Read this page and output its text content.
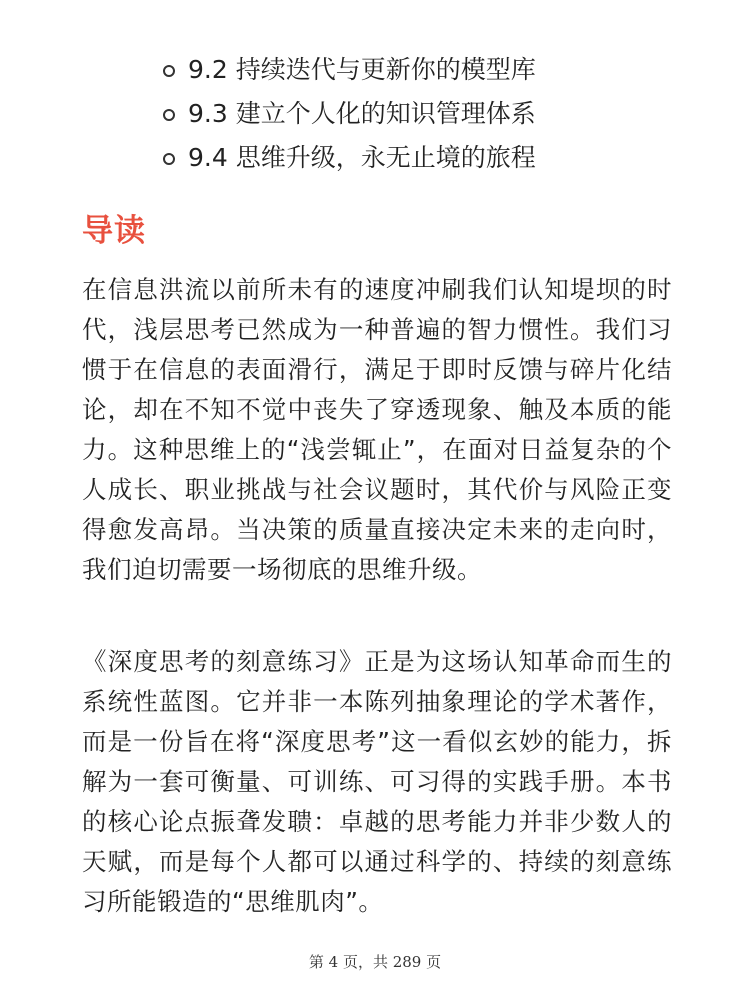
9.2 持续迭代与更新你的模型库
9.3 建立个人化的知识管理体系
9.4 思维升级，永无止境的旅程
导读

在信息洪流以前所未有的速度冲刷我们认知堤坝的时代，浅层思考已然成为一种普遍的智力惯性。我们习惯于在信息的表面滑行，满足于即时反馈与碎片化结论，却在不知不觉中丧失了穿透现象、触及本质的能力。这种思维上的“浅尝辄止”，在面对日益复杂的个人成长、职业挑战与社会议题时，其代价与风险正变得愈发高昂。当决策的质量直接决定未来的走向时，我们迫切需要一场彻底的思维升级。

《深度思考的刻意练习》正是为这场认知革命而生的系统性蓝图。它并非一本陈列抽象理论的学术著作，而是一份旨在将“深度思考”这一看似玄妙的能力，拆解为一套可衡量、可训练、可习得的实践手册。本书的核心论点振聋发聩：卓越的思考能力并非少数人的天赋，而是每个人都可以通过科学的、持续的刻意练习所能锻造的“思维肌肉”。

第 4 页，共 289 页
